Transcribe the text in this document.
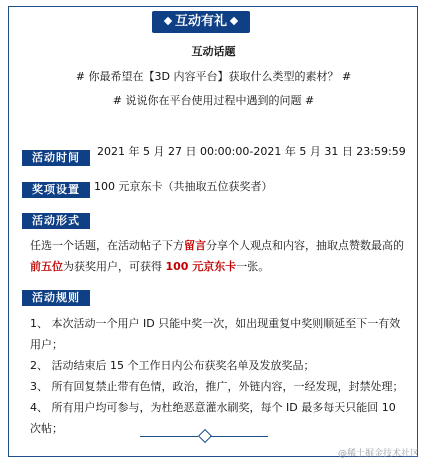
互动有礼
互动话题
# 你最希望在【3D 内容平台】获取什么类型的素材？ #
# 说说你在平台使用过程中遇到的问题 #
活动时间	2021 年 5 月 27 日 00:00:00-2021 年 5 月 31 日 23:59:59
奖项设置	100 元京东卡（共抽取五位获奖者）
活动形式
任选一个话题，在活动帖子下方留言分享个人观点和内容，抽取点赞数最高的前五位为获奖用户，可获得 100 元京东卡一张。
活动规则
1、 本次活动一个用户 ID 只能中奖一次，如出现重复中奖则顺延至下一有效用户；
2、 活动结束后 15 个工作日内公布获奖名单及发放奖品；
3、 所有回复禁止带有色情，政治，推广，外链内容，一经发现，封禁处理；
4、 所有用户均可参与，为杜绝恶意灌水刷奖，每个 ID 最多每天只能回 10 次帖；
@稀土掘金技术社区
